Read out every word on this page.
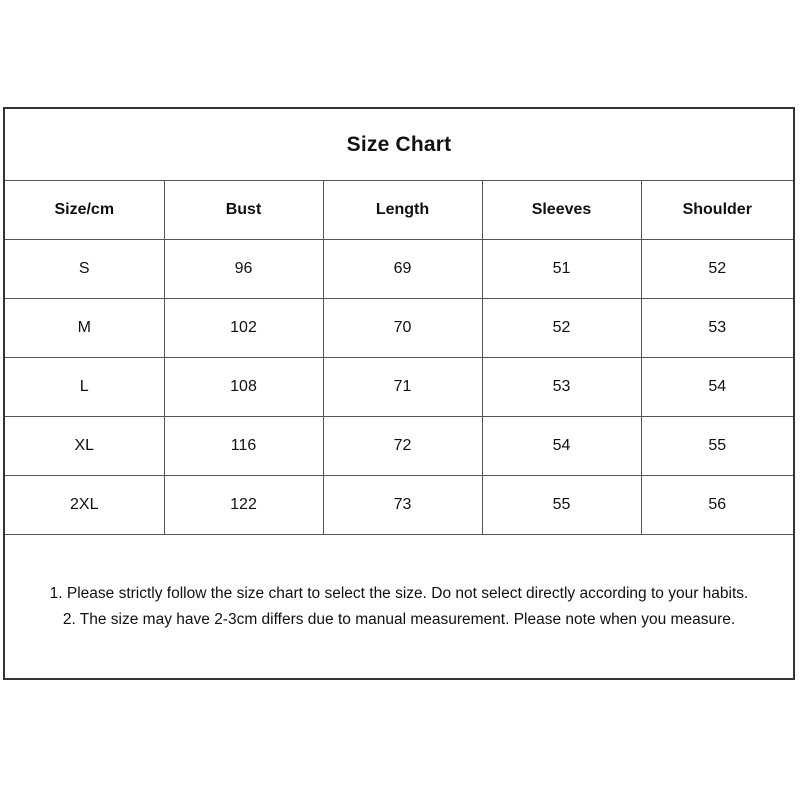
Size Chart
Size/cm	Bust	Length	Sleeves	Shoulder
S	96	69	51	52
M	102	70	52	53
L	108	71	53	54
XL	116	72	54	55
2XL	122	73	55	56
1. Please strictly follow the size chart to select the size. Do not select directly according to your habits.
2. The size may have 2-3cm differs due to manual measurement. Please note when you measure.
